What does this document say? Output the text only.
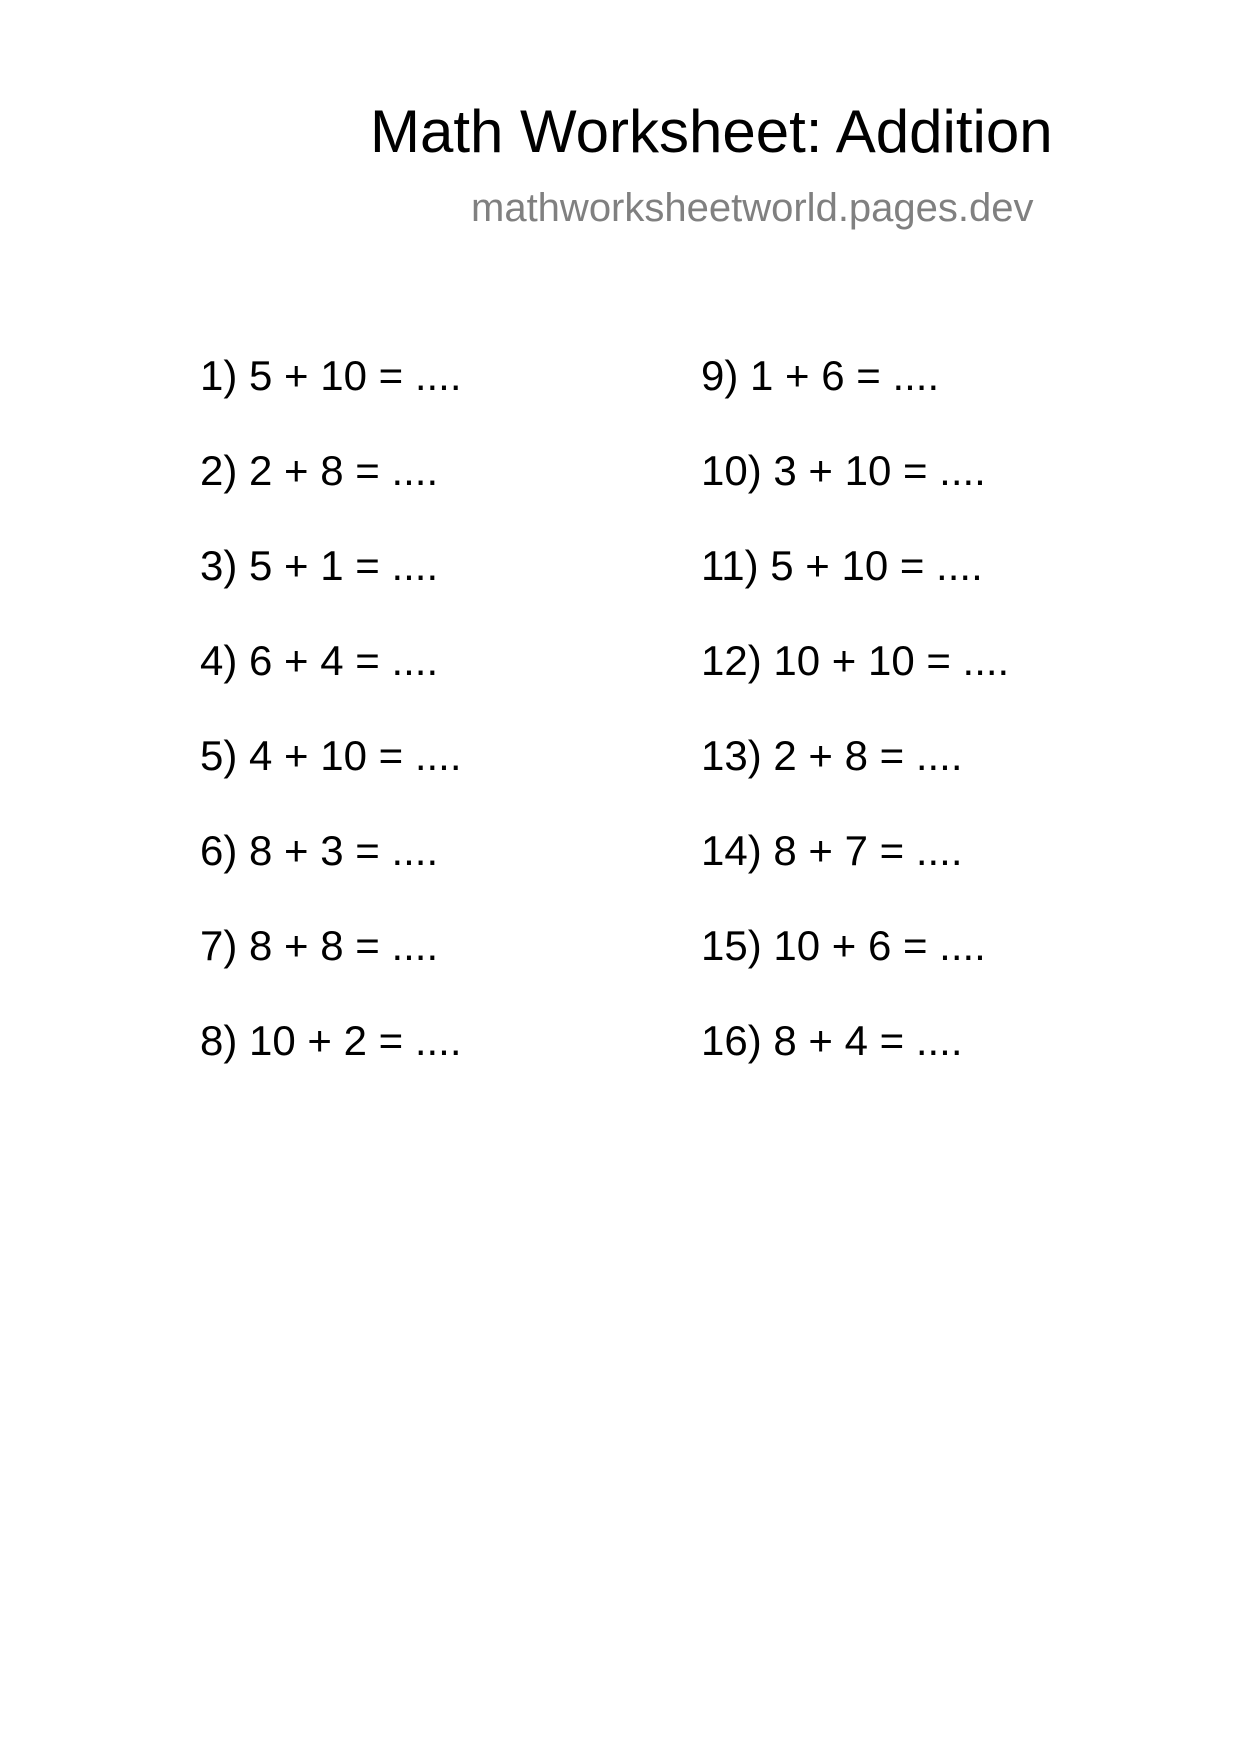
Math Worksheet: Addition
mathworksheetworld.pages.dev
1) 5 + 10 = ....
2) 2 + 8 = ....
3) 5 + 1 = ....
4) 6 + 4 = ....
5) 4 + 10 = ....
6) 8 + 3 = ....
7) 8 + 8 = ....
8) 10 + 2 = ....
9) 1 + 6 = ....
10) 3 + 10 = ....
11) 5 + 10 = ....
12) 10 + 10 = ....
13) 2 + 8 = ....
14) 8 + 7 = ....
15) 10 + 6 = ....
16) 8 + 4 = ....
